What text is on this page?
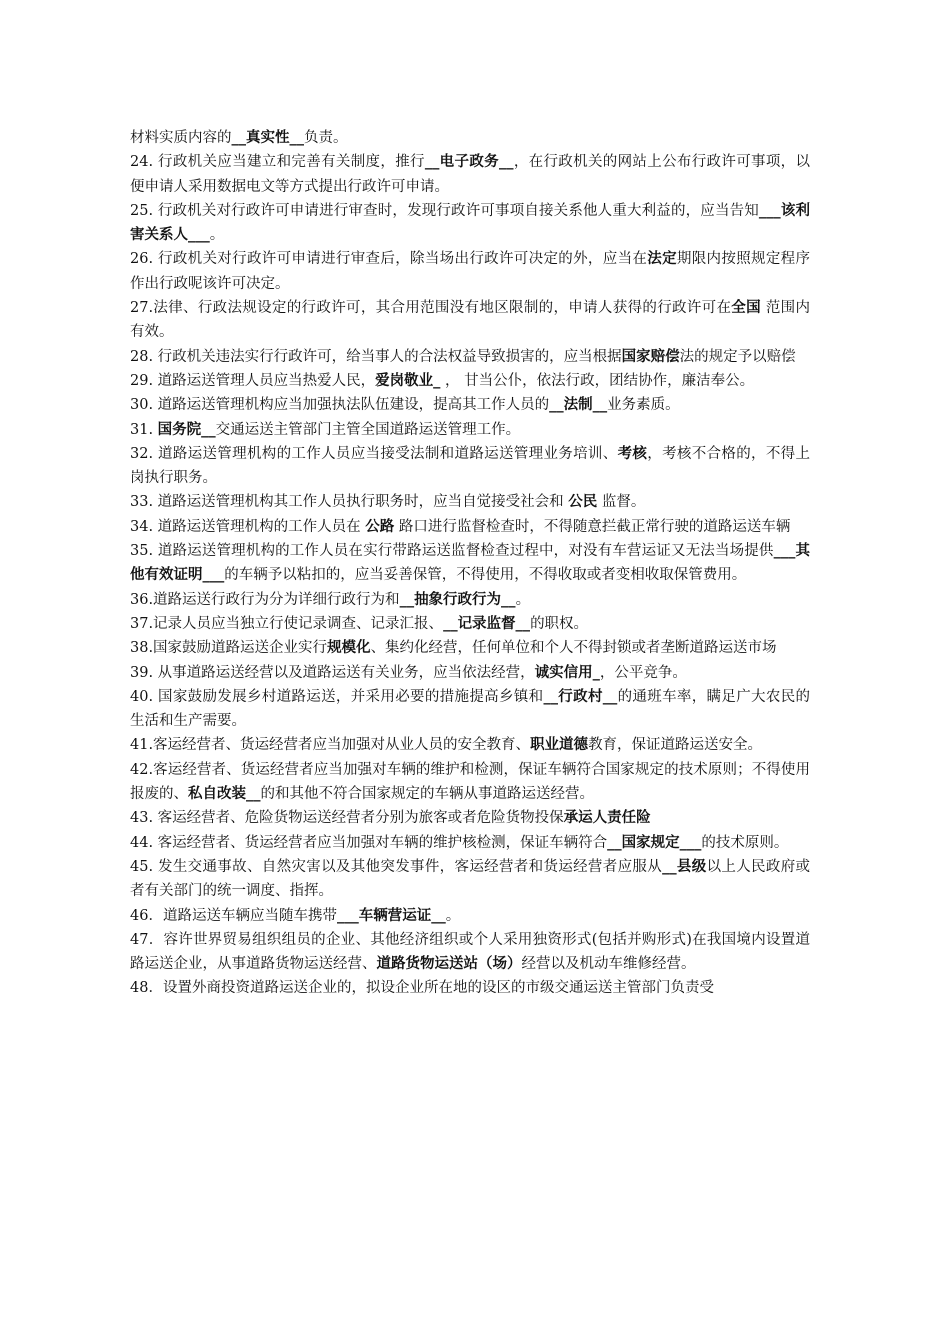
材料实质内容的__真实性__负责。

24. 行政机关应当建立和完善有关制度，推行__电子政务__，在行政机关的网站上公布行政许可事项，以便申请人采用数据电文等方式提出行政许可申请。

25. 行政机关对行政许可申请进行审查时，发现行政许可事项自接关系他人重大利益的，应当告知___该利害关系人___。

26. 行政机关对行政许可申请进行审查后，除当场出行政许可决定的外，应当在法定期限内按照规定程序作出行政呢该许可决定。

27.法律、行政法规设定的行政许可，其合用范围没有地区限制的，申请人获得的行政许可在全国 范围内有效。

28. 行政机关违法实行行政许可，给当事人的合法权益导致损害的，应当根据国家赔偿法的规定予以赔偿

29. 道路运送管理人员应当热爱人民，爱岗敬业_ ， 甘当公仆，依法行政，团结协作，廉洁奉公。

30. 道路运送管理机构应当加强执法队伍建设，提高其工作人员的__法制__业务素质。

31. 国务院__交通运送主管部门主管全国道路运送管理工作。

32. 道路运送管理机构的工作人员应当接受法制和道路运送管理业务培训、考核，考核不合格的，不得上岗执行职务。

33. 道路运送管理机构其工作人员执行职务时，应当自觉接受社会和 公民 监督。

34. 道路运送管理机构的工作人员在 公路 路口进行监督检查时，不得随意拦截正常行驶的道路运送车辆

35. 道路运送管理机构的工作人员在实行带路运送监督检查过程中，对没有车营运证又无法当场提供___其他有效证明___的车辆予以粘扣的，应当妥善保管，不得使用，不得收取或者变相收取保管费用。

36.道路运送行政行为分为详细行政行为和__抽象行政行为__。

37.记录人员应当独立行使记录调查、记录汇报、__记录监督__的职权。

38.国家鼓励道路运送企业实行规模化、集约化经营，任何单位和个人不得封锁或者垄断道路运送市场

39. 从事道路运送经营以及道路运送有关业务，应当依法经营，诚实信用_，公平竞争。

40. 国家鼓励发展乡村道路运送，并采用必要的措施提高乡镇和__行政村__的通班车率，瞒足广大农民的生活和生产需要。

41.客运经营者、货运经营者应当加强对从业人员的安全教育、职业道德教育，保证道路运送安全。

42.客运经营者、货运经营者应当加强对车辆的维护和检测，保证车辆符合国家规定的技术原则；不得使用报废的、私自改装__的和其他不符合国家规定的车辆从事道路运送经营。

43. 客运经营者、危险货物运送经营者分别为旅客或者危险货物投保承运人责任险

44. 客运经营者、货运经营者应当加强对车辆的维护核检测，保证车辆符合__国家规定___的技术原则。

45. 发生交通事故、自然灾害以及其他突发事件，客运经营者和货运经营者应服从__县级以上人民政府或者有关部门的统一调度、指挥。

46．道路运送车辆应当随车携带___车辆营运证__。

47．容许世界贸易组织组员的企业、其他经济组织或个人采用独资形式(包括并购形式)在我国境内设置道路运送企业，从事道路货物运送经营、道路货物运送站（场）经营以及机动车维修经营。

48．设置外商投资道路运送企业的，拟设企业所在地的设区的市级交通运送主管部门负责受
